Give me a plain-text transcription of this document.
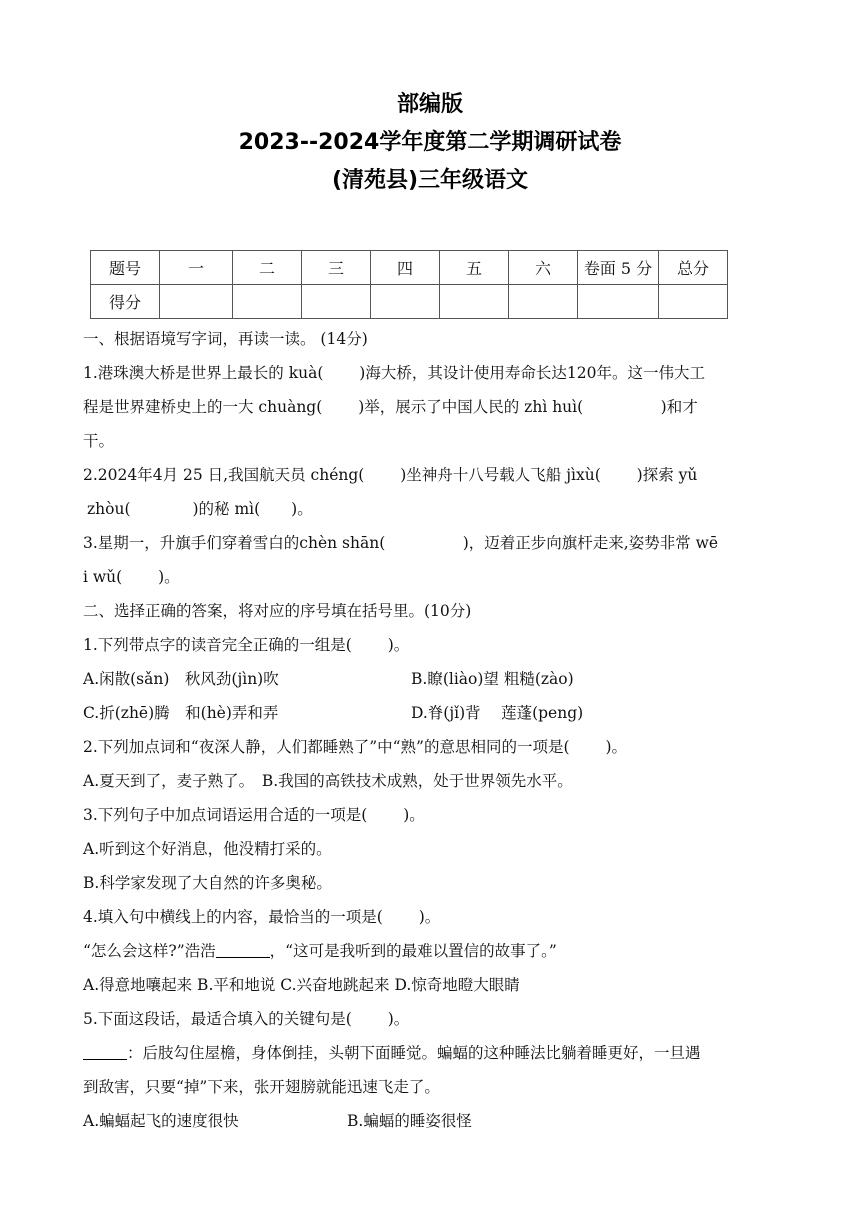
部编版
2023--2024学年度第二学期调研试卷
(清苑县)三年级语文
题号	一	二	三	四	五	六	卷面 5 分	总分
得分								

一、根据语境写字词，再读一读。 (14分)

1.港珠澳大桥是世界上最长的 kuà(　　 )海大桥，其设计使用寿命长达120年。这一伟大工

程是世界建桥史上的一大 chuàng(　　 )举，展示了中国人民的 zhì huì(　　　　　)和才

干。

2.2024年4月 25 日,我国航天员 chéng(　　 )坐神舟十八号载人飞船 jìxù(　　 )探索 yǔ

zhòu(　　　　)的秘 mì(　　)。

3.星期一，升旗手们穿着雪白的chèn shān(　　　　　)，迈着正步向旗杆走来,姿势非常 wē

i wǔ(　　 )。

二、选择正确的答案，将对应的序号填在括号里。(10分)

1.下列带点字的读音完全正确的一组是(　　 )。

A.闲散(sǎn)　秋风劲(jìn)吹	B.瞭(liào)望 粗糙(zào)
C.折(zhē)腾　和(hè)弄和弄	D.脊(jǐ)背　 莲蓬(peng)

2.下列加点词和“夜深人静，人们都睡熟了”中“熟”的意思相同的一项是(　　 )。

A.夏天到了，麦子熟了。　B.我国的高铁技术成熟，处于世界领先水平。

3.下列句子中加点词语运用合适的一项是(　　 )。

A.听到这个好消息，他没精打采的。

B.科学家发现了大自然的许多奥秘。

4.填入句中横线上的内容，最恰当的一项是(　　 )。

“怎么会这样?”浩浩	，“这可是我听到的最难以置信的故事了。”

A.得意地嚷起来 B.平和地说 C.兴奋地跳起来 D.惊奇地瞪大眼睛

5.下面这段话，最适合填入的关键句是(　　 )。

：后肢勾住屋檐，身体倒挂，头朝下面睡觉。蝙蝠的这种睡法比躺着睡更好，一旦遇

到敌害，只要“掉”下来，张开翅膀就能迅速飞走了。

A.蝙蝠起飞的速度很快	B.蝙蝠的睡姿很怪
